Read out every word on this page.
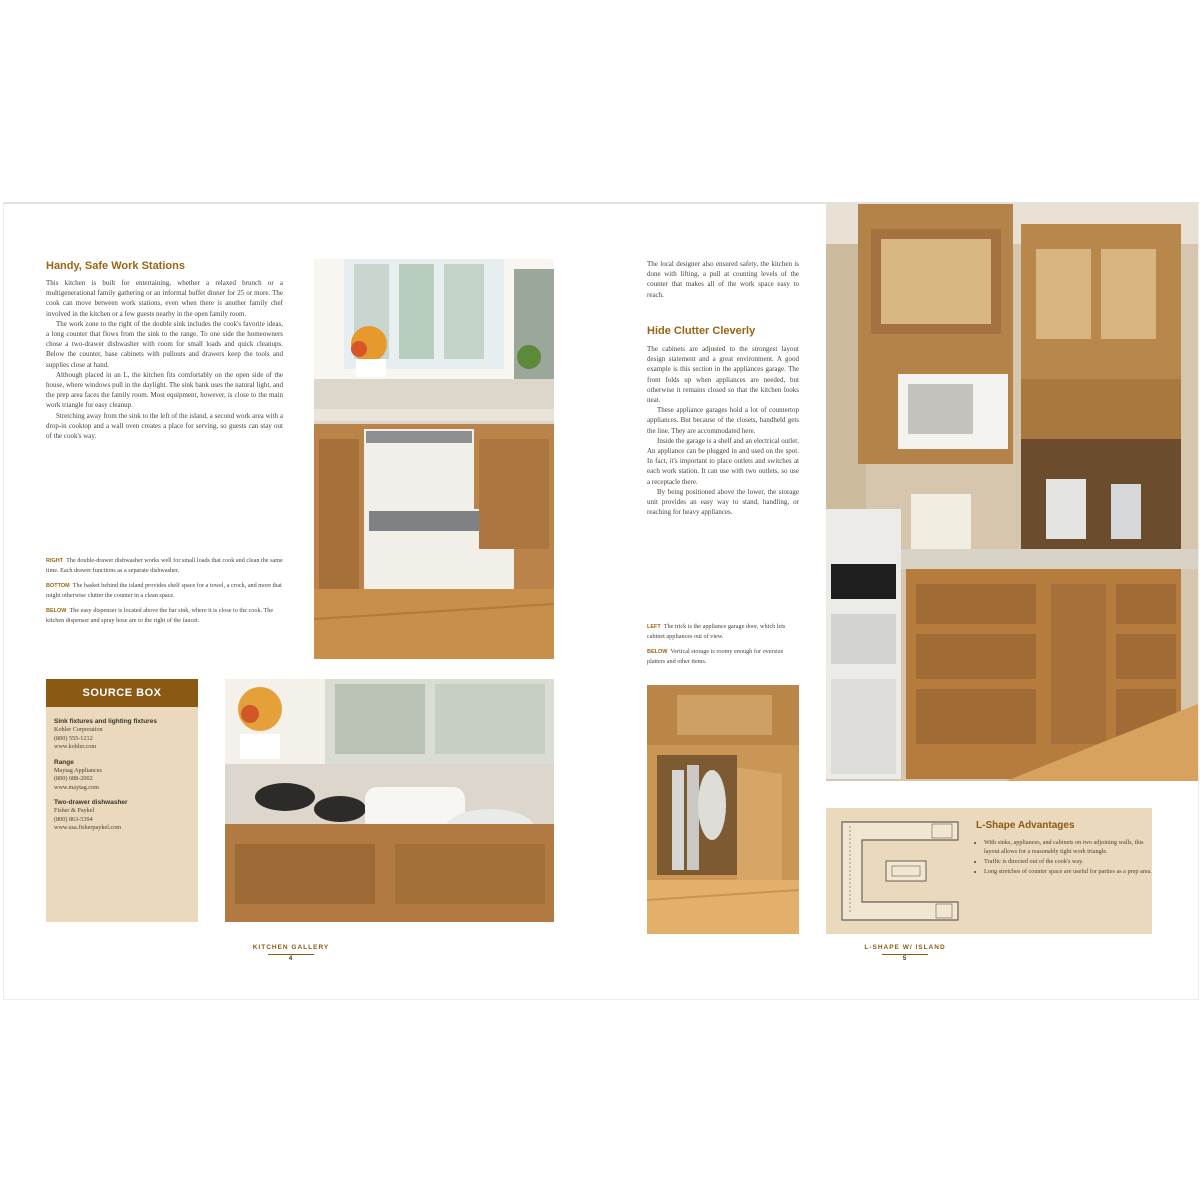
Handy, Safe Work Stations

This kitchen is built for entertaining, whether a relaxed brunch or a multigenerational family gathering or an informal buffet dinner for 25 or more. The cook can move between work stations, even when there is another family chef involved in the kitchen or a few guests nearby in the open family room.

The work zone to the right of the double sink includes the cook's favorite ideas, a long counter that flows from the sink to the range. To one side the homeowners chose a two-drawer dishwasher with room for small loads and quick cleanups. Below the counter, base cabinets with pullouts and drawers keep the tools and supplies close at hand.

Although placed in an L, the kitchen fits comfortably on the open side of the house, where windows pull in the daylight. The sink bank uses the natural light, and the prep area faces the family room. Most equipment, however, is close to the main work triangle for easy cleanup.

Stretching away from the sink to the left of the island, a second work area with a drop-in cooktop and a wall oven creates a place for serving, so guests can stay out of the cook's way.

RIGHT The double-drawer dishwasher works well for small loads that cook and clean the same time. Each drawer functions as a separate dishwasher.

BOTTOM The basket behind the island provides shelf space for a towel, a crock, and more that might otherwise clutter the counter in a clean space.

BELOW The easy dispenser is located above the bar sink, where it is close to the cook. The kitchen dispenser and spray hose are to the right of the faucet.

SOURCE BOX
Sink fixtures and lighting fixtures
Kohler Corporation
(800) 555-1212
www.kohler.com
Range
Maytag Appliances
(800) 688-2002
www.maytag.com
Two-drawer dishwasher
Fisher & Paykel
(800) 863-5394
www.usa.fisherpaykel.com
KITCHEN GALLERY
4

The local designer also ensured safety, the kitchen is done with lifting, a pull at counting levels of the counter that makes all of the work space easy to reach.

Hide Clutter Cleverly

The cabinets are adjusted to the strongest layout design statement and a great environment. A good example is this section in the appliances garage. The front folds up when appliances are needed, but otherwise it remains closed so that the kitchen looks neat.

These appliance garages hold a lot of countertop appliances. But because of the closets, handheld gets the line. They are accommodated here.

Inside the garage is a shelf and an electrical outlet. An appliance can be plugged in and used on the spot. In fact, it's important to place outlets and switches at each work station. It can use with two outlets, so use a receptacle there.

By being positioned above the lower, the storage unit provides an easy way to stand, handling, or reaching for heavy appliances.

LEFT The trick is the appliance garage door, which lets cabinet appliances out of view.

BELOW Vertical storage is roomy enough for oversize platters and other items.

L-Shape Advantages
• With sinks, appliances, and cabinets on two adjoining walls, this layout allows for a reasonably tight work triangle.
• Traffic is directed out of the cook's way.
• Long stretches of counter space are useful for parties as a prep area.
L-SHAPE W/ ISLAND
5
